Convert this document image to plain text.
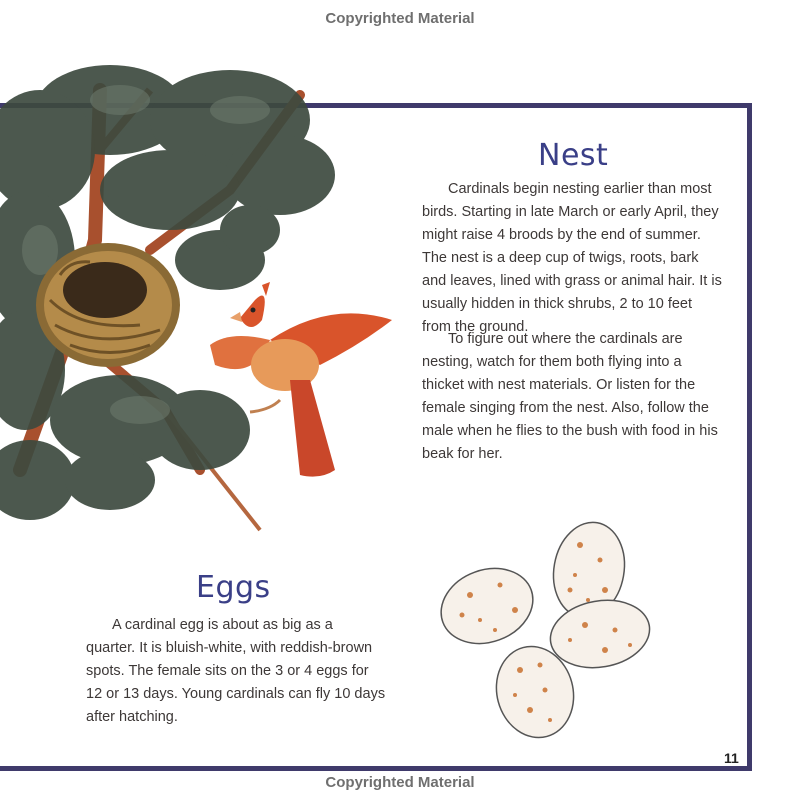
Copyrighted Material
Nest

Cardinals begin nesting earlier than most birds. Starting in late March or early April, they might raise 4 broods by the end of summer. The nest is a deep cup of twigs, roots, bark and leaves, lined with grass or animal hair. It is usually hidden in thick shrubs, 2 to 10 feet from the ground.

To figure out where the cardinals are nesting, watch for them both flying into a thicket with nest materials. Or listen for the female singing from the nest. Also, follow the male when he flies to the bush with food in his beak for her.

Eggs

A cardinal egg is about as big as a quarter. It is bluish-white, with reddish-brown spots. The female sits on the 3 or 4 eggs for 12 or 13 days. Young cardinals can fly 10 days after hatching.

11
Copyrighted Material
